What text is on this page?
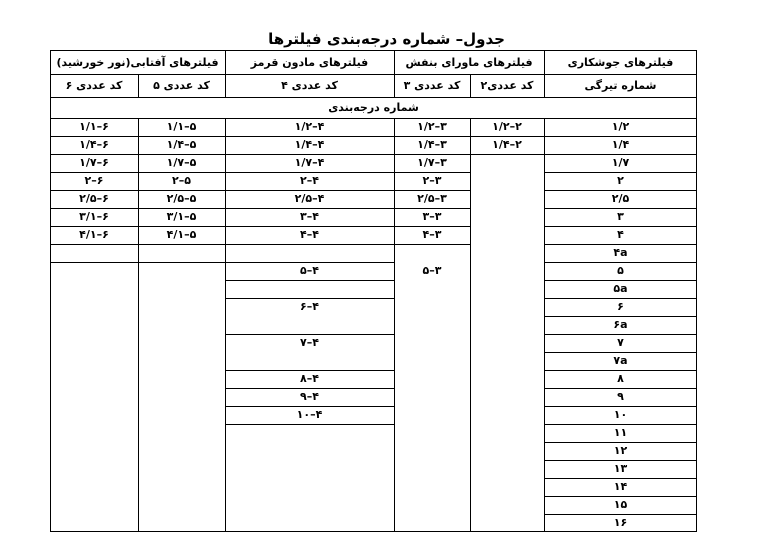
جدول– شماره درجه‌بندی فیلترها
فیلترهای جوشکاری
فیلترهای ماورای بنفش
فیلترهای مادون قرمز
فیلترهای آفتابی(نور خورشید)
شماره تیرگی
کد عددی۲
کد عددی ۳
کد عددی ۴
کد عددی ۵
کد عددی ۶
شماره درجه‌بندی
۱/۲
۱/۴
۱/۷
۲
۲/۵
۳
۴
۴a
۵
۵a
۶
۶a
۷
۷a
۸
۹
۱۰
۱۱
۱۲
۱۳
۱۴
۱۵
۱۶
۲–۱/۲
۲–۱/۴
۳–۱/۲
۳–۱/۴
۳–۱/۷
۳–۲
۳–۲/۵
۳–۳
۳–۴
۳–۵
۴–۱/۲
۴–۱/۴
۴–۱/۷
۴–۲
۴–۲/۵
۴–۳
۴–۴
۴–۵
۴–۶
۴–۷
۴–۸
۴–۹
۴–۱۰
۵–۱/۱
۵–۱/۴
۵–۱/۷
۵–۲
۵–۲/۵
۵–۳/۱
۵–۴/۱
۶–۱/۱
۶–۱/۴
۶–۱/۷
۶–۲
۶–۲/۵
۶–۳/۱
۶–۴/۱
